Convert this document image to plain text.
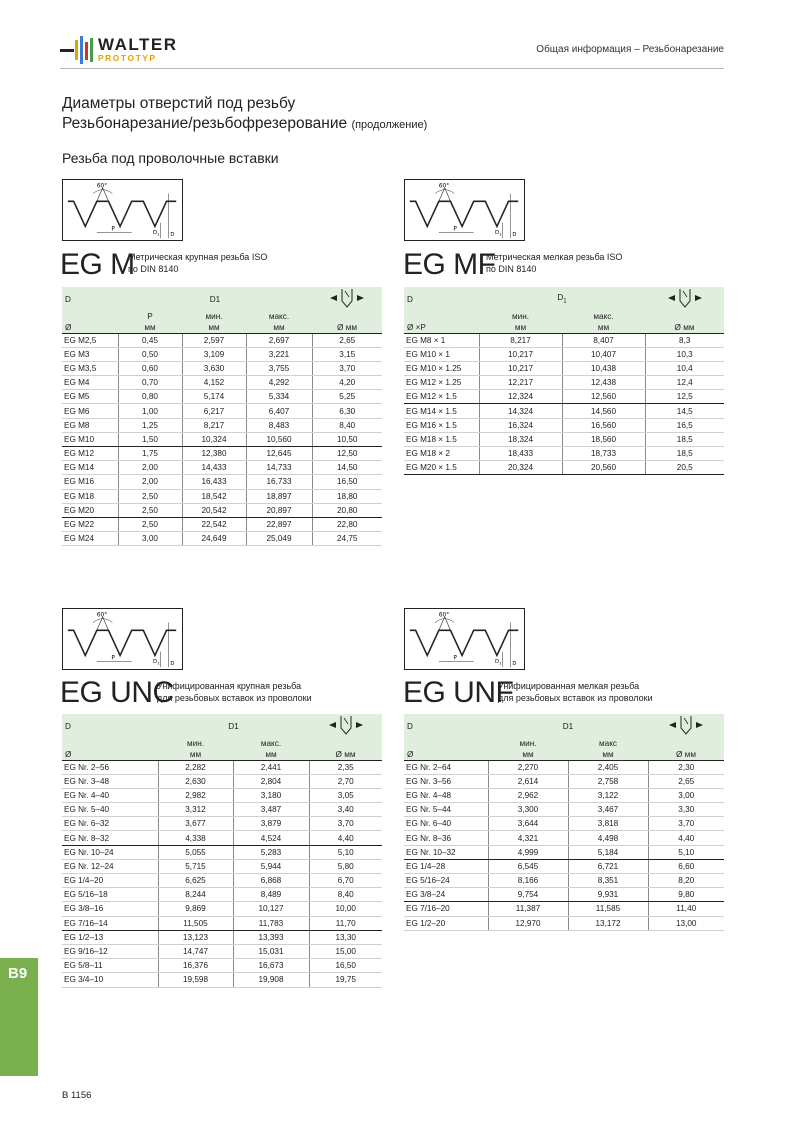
WALTER
PROTOTYP
Общая информация – Резьбонарезание
Диаметры отверстий под резьбу
Резьбонарезание/резьбофрезерование (продолжение)
Резьба под проволочные вставки
60°
P
$D_1$ D
EG M
Метрическая крупная резьба ISO
по DIN 8140
D	D1	
	P	мин.	макс.	
Ø	мм	мм	мм	Ø мм
EG M2,5	0,45	2,597	2,697	2,65
EG M3	0,50	3,109	3,221	3,15
EG M3,5	0,60	3,630	3,755	3,70
EG M4	0,70	4,152	4,292	4,20
EG M5	0,80	5,174	5,334	5,25
EG M6	1,00	6,217	6,407	6,30
EG M8	1,25	8,217	8,483	8,40
EG M10	1,50	10,324	10,560	10,50
EG M12	1,75	12,380	12,645	12,50
EG M14	2,00	14,433	14,733	14,50
EG M16	2,00	16,433	16,733	16,50
EG M18	2,50	18,542	18,897	18,80
EG M20	2,50	20,542	20,897	20,80
EG M22	2,50	22,542	22,897	22,80
EG M24	3,00	24,649	25,049	24,75
60°
P
$D_1$ D
EG MF
Метрическая мелкая резьба ISO
по DIN 8140
D	$D_1$	
	мин.	макс.	
Ø ×P	мм	мм	Ø мм
EG M8 × 1	8,217	8,407	8,3
EG M10 × 1	10,217	10,407	10,3
EG M10 × 1.25	10,217	10,438	10,4
EG M12 × 1.25	12,217	12,438	12,4
EG M12 × 1.5	12,324	12,560	12,5
EG M14 × 1.5	14,324	14,560	14,5
EG M16 × 1.5	16,324	16,560	16,5
EG M18 × 1.5	18,324	18,560	18,5
EG M18 × 2	18,433	18,733	18,5
EG M20 × 1.5	20,324	20,560	20,5
60°
P
$D_1$ D
EG UNC
Унифицированная крупная резьба
для резьбовых вставок из проволоки
D	D1	
	мин.	макс.	
Ø	мм	мм	Ø мм
EG Nr. 2–56	2,282	2,441	2,35
EG Nr. 3–48	2,630	2,804	2,70
EG Nr. 4–40	2,982	3,180	3,05
EG Nr. 5–40	3,312	3,487	3,40
EG Nr. 6–32	3,677	3,879	3,70
EG Nr. 8–32	4,338	4,524	4,40
EG Nr. 10–24	5,055	5,283	5,10
EG Nr. 12–24	5,715	5,944	5,80
EG 1/4–20	6,625	6,868	6,70
EG 5/16–18	8,244	8,489	8,40
EG 3/8–16	9,869	10,127	10,00
EG 7/16–14	11,505	11,783	11,70
EG 1/2–13	13,123	13,393	13,30
EG 9/16–12	14,747	15,031	15,00
EG 5/8–11	16,376	16,673	16,50
EG 3/4–10	19,598	19,908	19,75
60°
P
$D_1$ D
EG UNF
Унифицированная мелкая резьба
для резьбовых вставок из проволоки
D	D1	
	мин.	макс	
Ø	мм	мм	Ø мм
EG Nr. 2–64	2,270	2,405	2,30
EG Nr. 3–56	2,614	2,758	2,65
EG Nr. 4–48	2,962	3,122	3,00
EG Nr. 5–44	3,300	3,467	3,30
EG Nr. 6–40	3,644	3,818	3,70
EG Nr. 8–36	4,321	4,498	4,40
EG Nr. 10–32	4,999	5,184	5,10
EG 1/4–28	6,545	6,721	6,60
EG 5/16–24	8,166	8,351	8,20
EG 3/8–24	9,754	9,931	9,80
EG 7/16–20	11,387	11,585	11,40
EG 1/2–20	12,970	13,172	13,00
B9
B 1156
